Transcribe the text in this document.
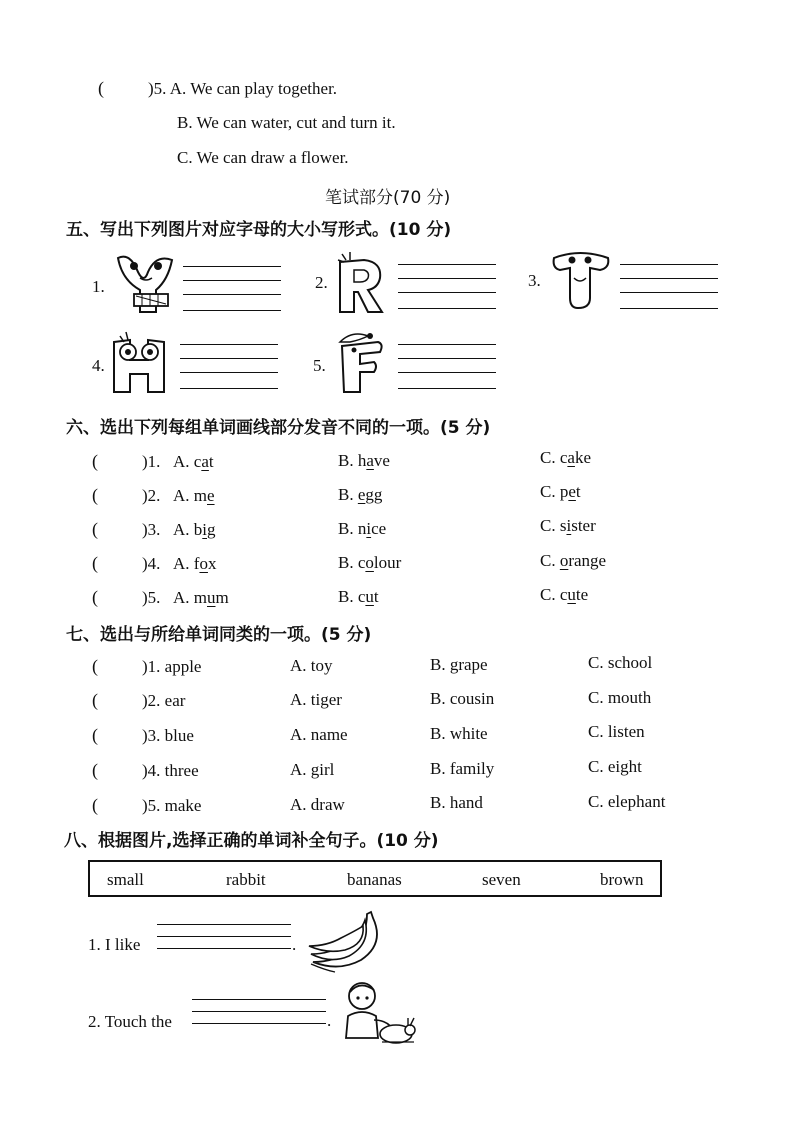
(	)5. A. We can play together.
B. We can water, cut and turn it.
C. We can draw a flower.
笔试部分(70 分)
五、写出下列图片对应字母的大小写形式。(10 分)
1.	2.	3.
4.	5.
六、选出下列每组单词画线部分发音不同的一项。(5 分)
(	)1. A. cat	B. have	C. cake
(	)2. A. me	B. egg	C. pet
(	)3. A. big	B. nice	C. sister
(	)4. A. fox	B. colour	C. orange
(	)5. A. mum	B. cut	C. cute
七、选出与所给单词同类的一项。(5 分)
(	)1. apple	A. toy	B. grape	C. school
(	)2. ear	A. tiger	B. cousin	C. mouth
(	)3. blue	A. name	B. white	C. listen
(	)4. three	A. girl	B. family	C. eight
(	)5. make	A. draw	B. hand	C. elephant
八、根据图片,选择正确的单词补全句子。(10 分)
small	rabbit	bananas	seven	brown
1. I like	.
2. Touch the	.
